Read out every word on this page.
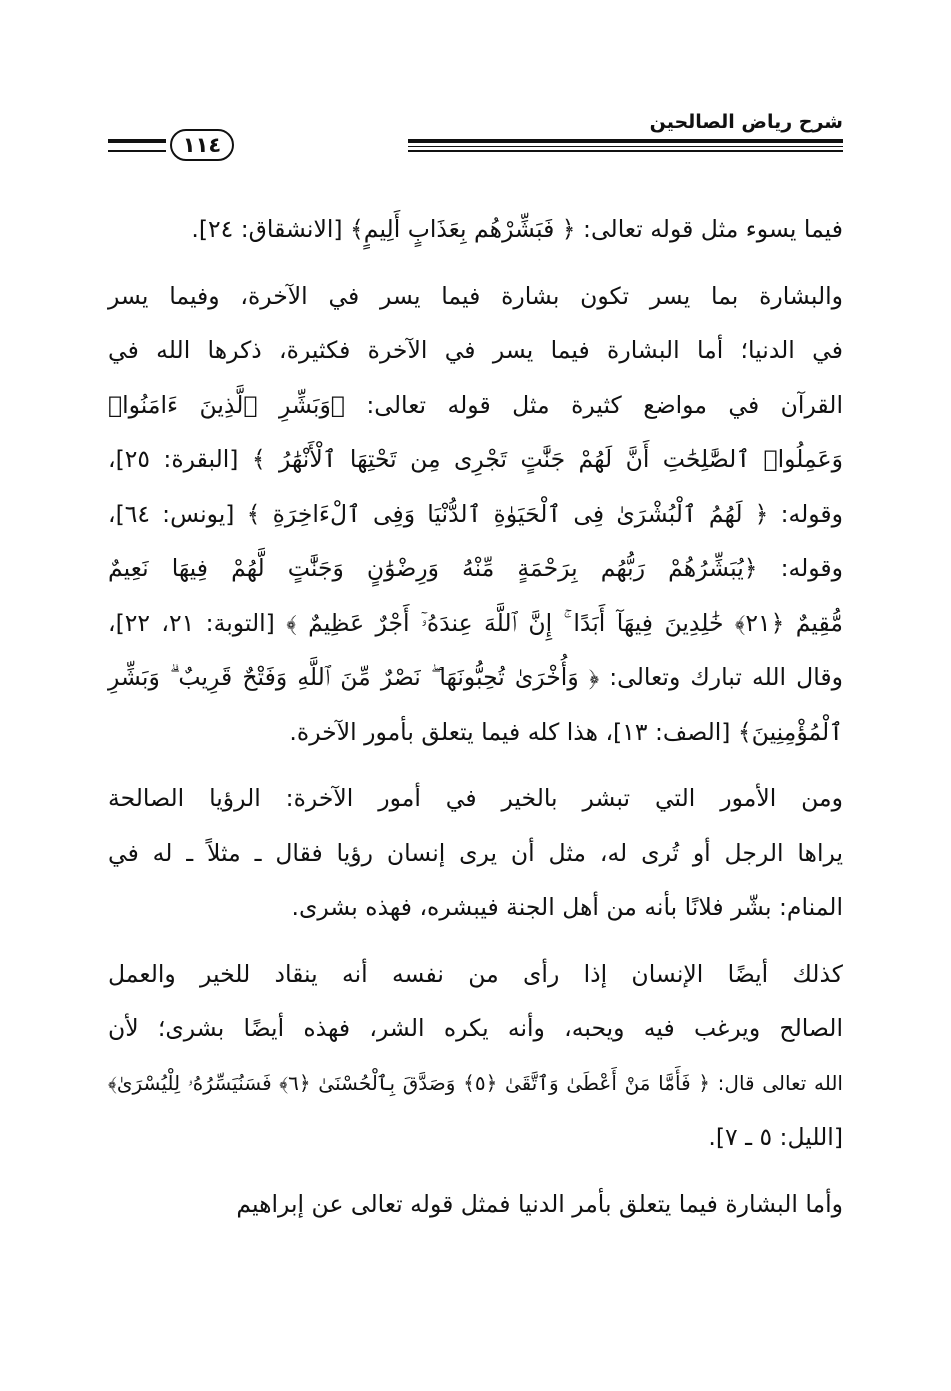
شرح رياض الصالحين
١١٤
فيما يسوء مثل قوله تعالى: ﴿ فَبَشِّرْهُم بِعَذَابٍ أَلِيمٍ﴾ [الانشقاق: ٢٤].
والبشارة بما يسر تكون بشارة فيما يسر في الآخرة، وفيما يسر
في الدنيا؛ أما البشارة فيما يسر في الآخرة فكثيرة، ذكرها الله في
القرآن في مواضع كثيرة مثل قوله تعالى: ﴿وَبَشِّرِ ٱلَّذِينَ ءَامَنُوا۟
وَعَمِلُوا۟ ٱلصَّٰلِحَٰتِ أَنَّ لَهُمْ جَنَّٰتٍ تَجْرِى مِن تَحْتِهَا ٱلْأَنْهَٰرُ ﴾ [البقرة: ٢٥]،
وقوله: ﴿ لَهُمُ ٱلْبُشْرَىٰ فِى ٱلْحَيَوٰةِ ٱلدُّنْيَا وَفِى ٱلْءَاخِرَةِ ﴾ [يونس: ٦٤]،
وقوله: ﴿يُبَشِّرُهُمْ رَبُّهُم بِرَحْمَةٍ مِّنْهُ وَرِضْوَٰنٍ وَجَنَّٰتٍ لَّهُمْ فِيهَا نَعِيمٌ
مُّقِيمٌ ﴿٢١﴾ خَٰلِدِينَ فِيهَآ أَبَدًا ۚ إِنَّ ٱللَّهَ عِندَهُۥٓ أَجْرٌ عَظِيمٌ ﴾ [التوبة: ٢١، ٢٢]،
وقال الله تبارك وتعالى: ﴿ وَأُخْرَىٰ تُحِبُّونَهَا ۖ نَصْرٌ مِّنَ ٱللَّهِ وَفَتْحٌ قَرِيبٌ ۗ وَبَشِّرِ
ٱلْمُؤْمِنِينَ﴾ [الصف: ١٣]، هذا كله فيما يتعلق بأمور الآخرة.
ومن الأمور التي تبشر بالخير في أمور الآخرة: الرؤيا الصالحة
يراها الرجل أو تُرى له، مثل أن يرى إنسان رؤيا فقال ـ مثلاً ـ له في
المنام: بشّر فلانًا بأنه من أهل الجنة فيبشره، فهذه بشرى.
كذلك أيضًا الإنسان إذا رأى من نفسه أنه ينقاد للخير والعمل
الصالح ويرغب فيه ويحبه، وأنه يكره الشر، فهذه أيضًا بشرى؛ لأن
الله تعالى قال: ﴿ فَأَمَّا مَنْ أَعْطَىٰ وَٱتَّقَىٰ ﴿٥﴾ وَصَدَّقَ بِٱلْحُسْنَىٰ ﴿٦﴾ فَسَنُيَسِّرُهُۥ لِلْيُسْرَىٰ﴾
[الليل: ٥ ـ ٧].
وأما البشارة فيما يتعلق بأمر الدنيا فمثل قوله تعالى عن إبراهيم
